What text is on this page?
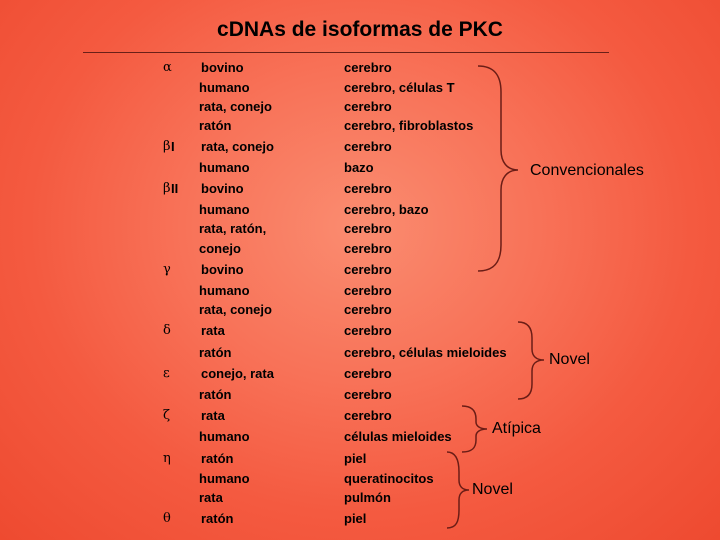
cDNAs de isoformas de PKC
α bovino	cerebro
humano	cerebro, células T
rata, conejo	cerebro
ratón	cerebro, fibroblastos
β I rata, conejo	cerebro
humano	bazo
β II bovino	cerebro
humano	cerebro, bazo
rata, ratón,	cerebro
conejo	cerebro
γ bovino	cerebro
humano	cerebro
rata, conejo	cerebro
δ rata	cerebro
ratón	cerebro, células mieloides
ε conejo, rata	cerebro
ratón	cerebro
ζ rata	cerebro
humano	células mieloides
η ratón	piel
humano	queratinocitos
rata	pulmón
θ ratón	piel
Convencionales
Novel
Atípica
Novel
